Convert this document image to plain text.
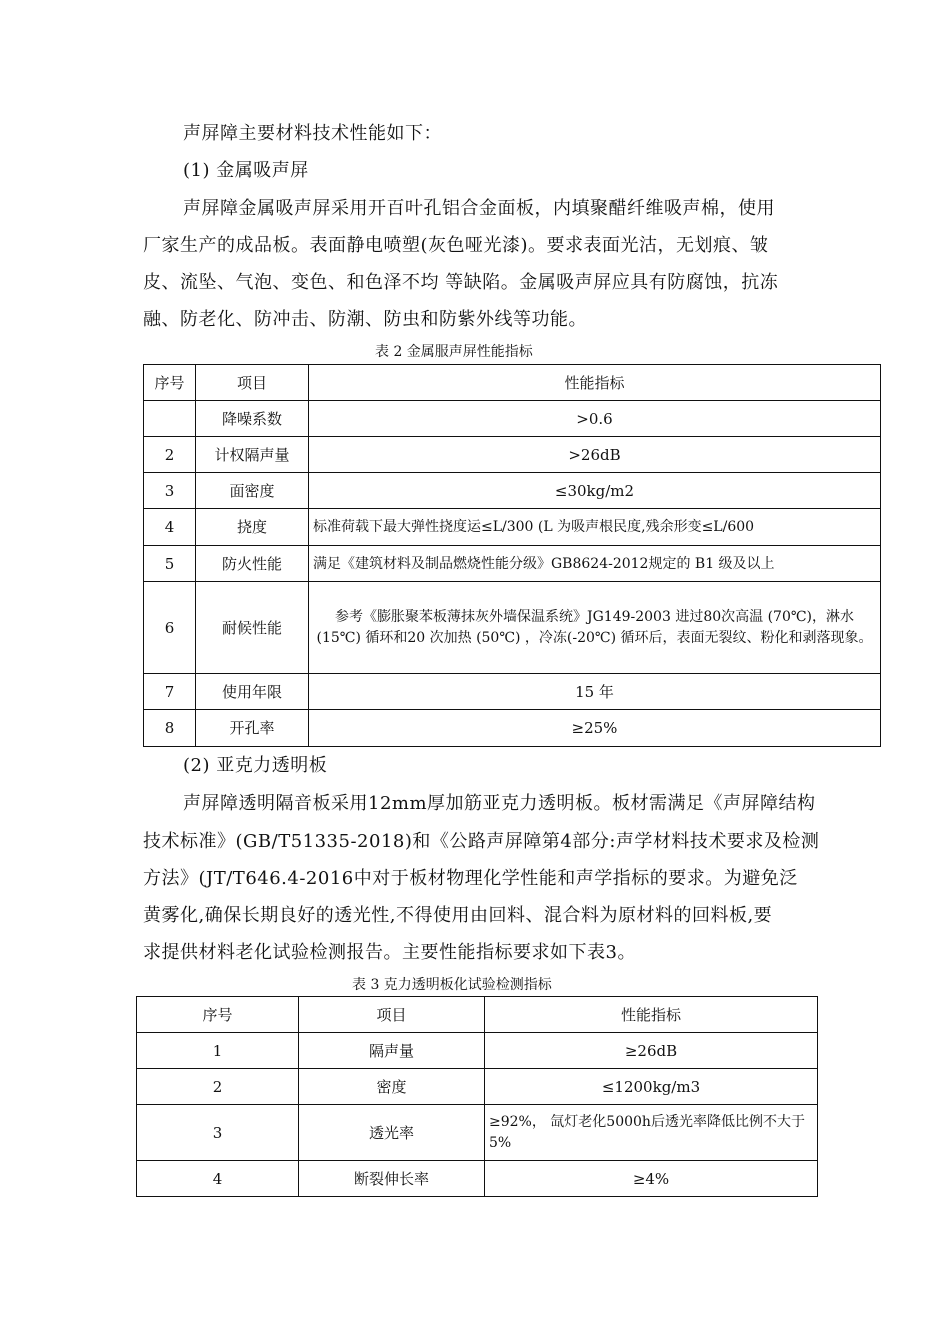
声屏障主要材料技术性能如下：
(1) 金属吸声屏
声屏障金属吸声屏采用开百叶孔铝合金面板，内填聚醋纤维吸声棉，使用
厂家生产的成品板。表面静电喷塑(灰色哑光漆)。要求表面光沽，无划痕、皱
皮、流坠、气泡、变色、和色泽不均 等缺陷。金属吸声屏应具有防腐蚀，抗冻
融、防老化、防冲击、防潮、防虫和防紫外线等功能。
表 2 金属服声屏性能指标
序号	项目	性能指标
	降噪系数	>0.6
2	计权隔声量	>26dB
3	面密度	≤30kg/m2
4	挠度	标准荷载下最大弹性挠度运≤L/300 (L 为吸声根民度,残余形变≤L/600
5	防火性能	满足《建筑材料及制品燃烧性能分级》GB8624-2012规定的 B1 级及以上
6	耐候性能	参考《膨胀聚苯板薄抹灰外墙保温系统》JG149-2003 进过80次高温 (70℃)，淋水 (15℃) 循环和20 次加热 (50℃) ，冷冻(-20℃) 循环后，表面无裂纹、粉化和剥落现象。
7	使用年限	15 年
8	开孔率	≥25%
(2) 亚克力透明板
声屏障透明隔音板采用12mm厚加筋亚克力透明板。板材需满足《声屏障结构
技术标准》(GB/T51335-2018)和《公路声屏障第4部分:声学材料技术要求及检测
方法》(JT/T646.4-2016中对于板材物理化学性能和声学指标的要求。为避免泛
黄雾化,确保长期良好的透光性,不得使用由回料、混合料为原材料的回料板,要
求提供材料老化试验检测报告。主要性能指标要求如下表3。
表 3 克力透明板化试验检测指标
序号	项目	性能指标
1	隔声量	≥26dB
2	密度	≤1200kg/m3
3	透光率	≥92%， 氙灯老化5000h后透光率降低比例不大于5%
4	断裂伸长率	≥4%
